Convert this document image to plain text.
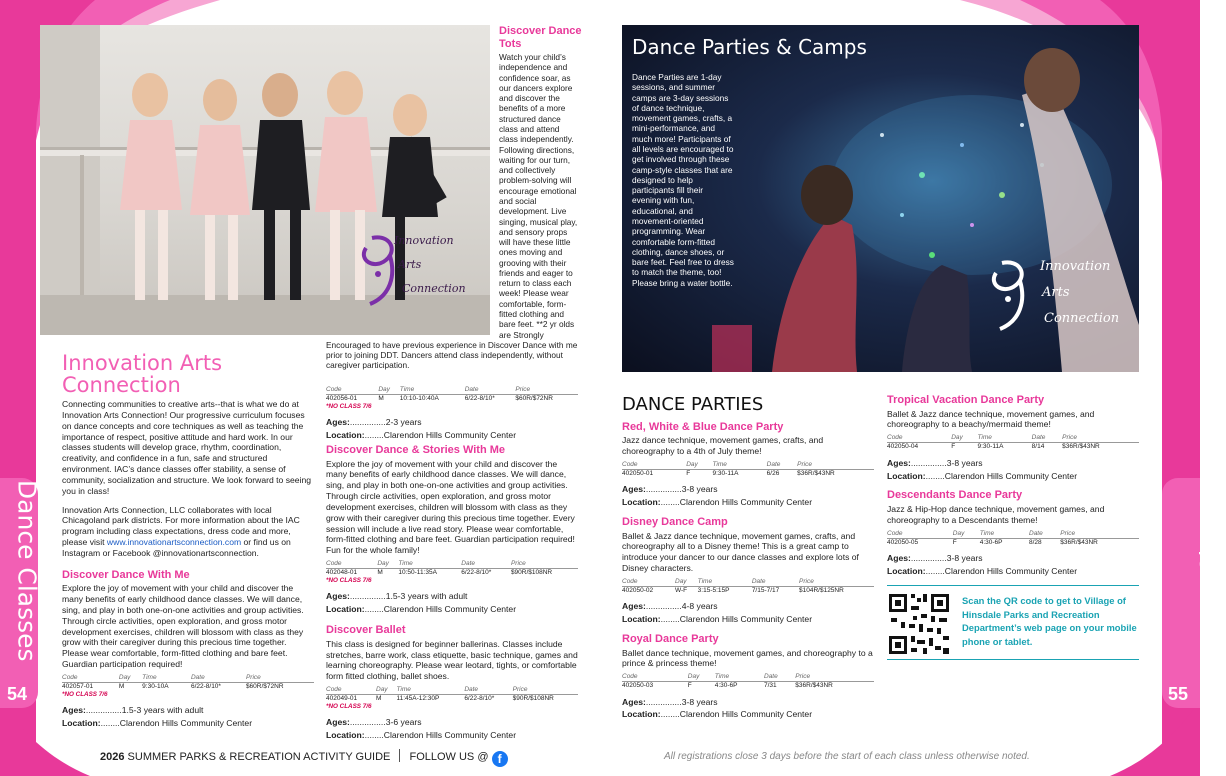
Dance Classes
54
Dance Classes
55
Innovation
Arts
Connection
Discover Dance Tots

Watch your child’s independence and confidence soar, as our dancers explore and discover the benefits of a more structured dance class and attend class independently. Following directions, waiting for our turn, and collectively problem-solving will encourage emotional and social development. Live singing, musical play, and sensory props will have these little ones moving and grooving with their friends and eager to return to class each week! Please wear comfortable, form-fitted clothing and bare feet. **2 yr olds are Strongly Encouraged to have previous experience in Discover Dance with me prior to joining DDT. Dancers attend class independently, without caregiver participation.

Code	Day	Time	Date	Price
402056-01	M	10:10-10:40A	6/22-8/10*	$60R/$72NR
*NO CLASS 7/6
Ages:...............2-3 years
Location:........Clarendon Hills Community Center
Innovation Arts Connection

Connecting communities to creative arts--that is what we do at Innovation Arts Connection! Our progressive curriculum focuses on dance concepts and core techniques as well as teaching the importance of respect, positive attitude and hard work. In our classes students will develop grace, rhythm, coordination, creativity, and confidence in a fun, safe and structured environment. IAC’s dance classes offer stability, a sense of community, socialization and structure. We look forward to seeing you in class!

Innovation Arts Connection, LLC collaborates with local Chicagoland park districts. For more information about the IAC program including class expectations, dress code and more, please visit www.innovationartsconnection.com or find us on Instagram or Facebook @innovationartsconnection.

Discover Dance With Me

Explore the joy of movement with your child and discover the many benefits of early childhood dance classes. We will dance, sing, and play in both one-on-one activities and group activities. Through circle activities, open exploration, and gross motor development exercises, children will blossom with class as they grow with their caregiver during this precious time together. Please wear comfortable, form-fitted clothing and bare feet. Guardian participation required!

Code	Day	Time	Date	Price
402057-01	M	9:30-10A	6/22-8/10*	$60R/$72NR
*NO CLASS 7/6
Ages:...............1.5-3 years with adult
Location:........Clarendon Hills Community Center
Discover Dance & Stories With Me

Explore the joy of movement with your child and discover the many benefits of early childhood dance classes. We will dance, sing, and play in both one-on-one activities and group activities. Through circle activities, open exploration, and gross motor development exercises, children will blossom with class as they grow with their caregiver during this precious time together. Every session will include a live read story. Please wear comfortable, form-fitted clothing and bare feet. Guardian participation required! Fun for the whole family!

Code	Day	Time	Date	Price
402048-01	M	10:50-11:35A	6/22-8/10*	$90R/$108NR
*NO CLASS 7/6
Ages:...............1.5-3 years with adult
Location:........Clarendon Hills Community Center
Discover Ballet

This class is designed for beginner ballerinas. Classes include stretches, barre work, class etiquette, basic technique, games and learning choreography. Please wear leotard, tights, or comfortable form fitted clothing, ballet shoes.

Code	Day	Time	Date	Price
402049-01	M	11:45A-12:30P	6/22-8/10*	$90R/$108NR
*NO CLASS 7/6
Ages:...............3-6 years
Location:........Clarendon Hills Community Center
Dance Parties & Camps

Dance Parties are 1-day sessions, and summer camps are 3-day sessions of dance technique, movement games, crafts, a mini-performance, and much more! Participants of all levels are encouraged to get involved through these camp-style classes that are designed to help participants fill their evening with fun, educational, and movement-oriented programming. Wear comfortable form-fitted clothing, dance shoes, or bare feet. Feel free to dress to match the theme, too! Please bring a water bottle.

Innovation
Arts
Connection
DANCE PARTIES
Red, White & Blue Dance Party

Jazz dance technique, movement games, crafts, and choreography to a 4th of July theme!

Code	Day	Time	Date	Price
402050-01	F	9:30-11A	6/26	$36R/$43NR
Ages:...............3-8 years
Location:........Clarendon Hills Community Center
Disney Dance Camp

Ballet & Jazz dance technique, movement games, crafts, and choreography all to a Disney theme! This is a great camp to introduce your dancer to our dance classes and explore lots of Disney characters.

Code	Day	Time	Date	Price
402050-02	W-F	3:15-5:15P	7/15-7/17	$104R/$125NR
Ages:...............4-8 years
Location:........Clarendon Hills Community Center
Royal Dance Party

Ballet dance technique, movement games, and choreography to a prince & princess theme!

Code	Day	Time	Date	Price
402050-03	F	4:30-6P	7/31	$36R/$43NR
Ages:...............3-8 years
Location:........Clarendon Hills Community Center
Tropical Vacation Dance Party

Ballet & Jazz dance technique, movement games, and choreography to a beachy/mermaid theme!

Code	Day	Time	Date	Price
402050-04	F	9:30-11A	8/14	$36R/$43NR
Ages:...............3-8 years
Location:........Clarendon Hills Community Center
Descendants Dance Party

Jazz & Hip-Hop dance technique, movement games, and choreography to a Descendants theme!

Code	Day	Time	Date	Price
402050-05	F	4:30-6P	8/28	$36R/$43NR
Ages:...............3-8 years
Location:........Clarendon Hills Community Center

Scan the QR code to get to Village of Hinsdale Parks and Recreation Department’s web page on your mobile phone or tablet.

2026 SUMMER PARKS & RECREATION ACTIVITY GUIDE FOLLOW US @ f	All registrations close 3 days before the start of each class unless otherwise noted.
